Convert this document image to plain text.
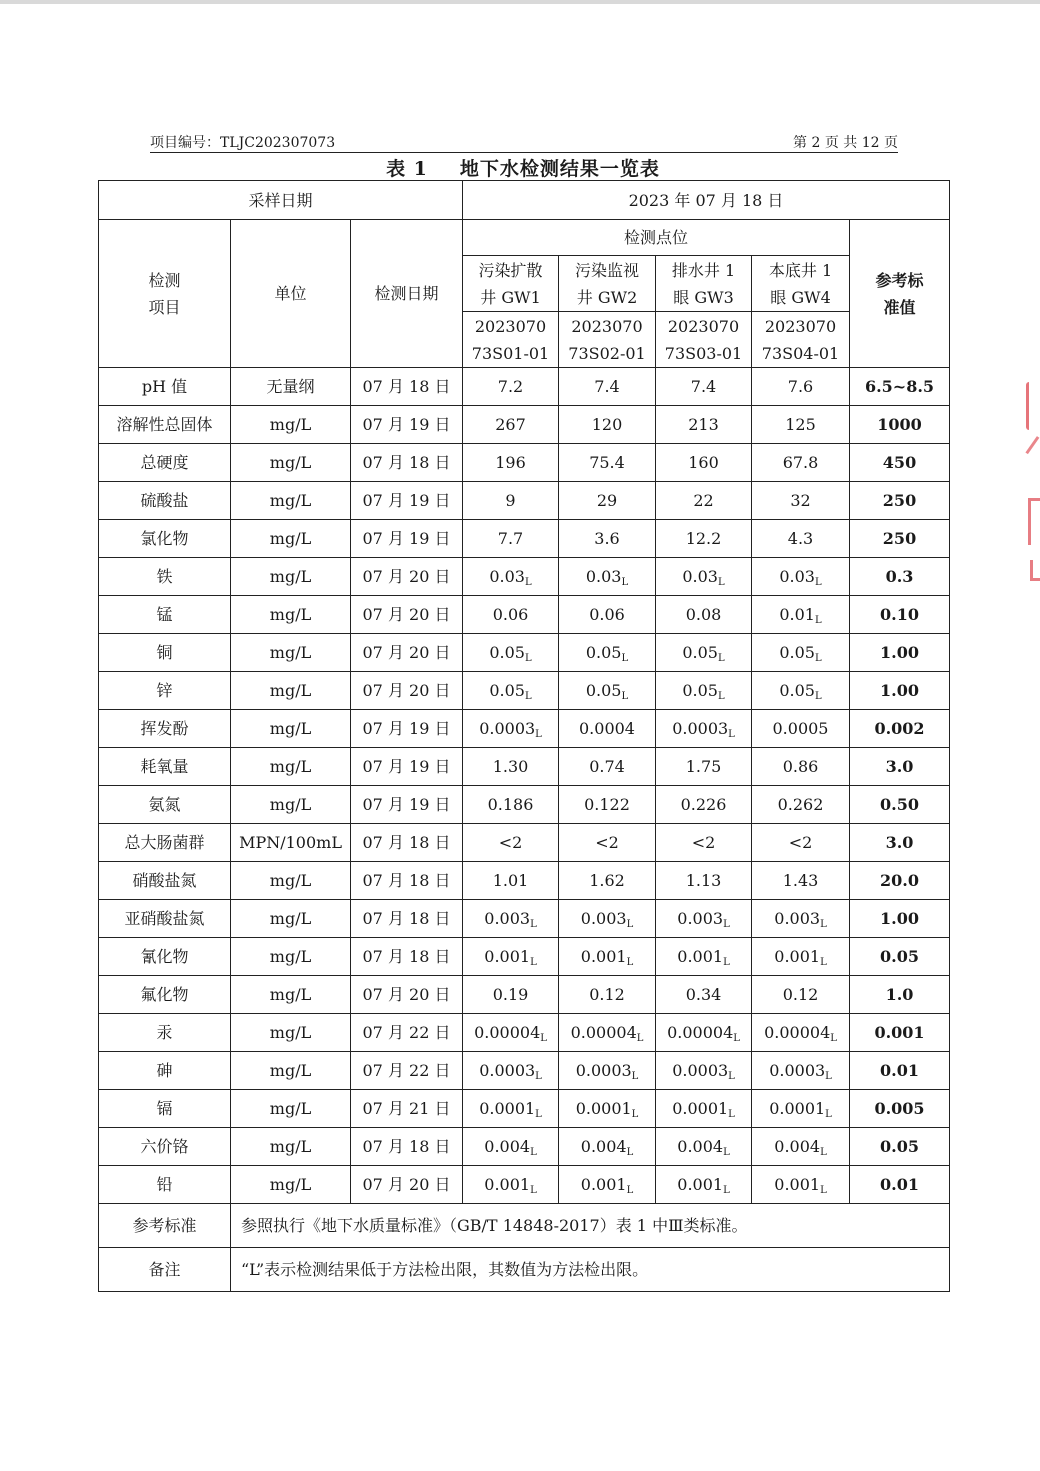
项目编号：TLJC202307073	第 2 页 共 12 页
表 1 地下水检测结果一览表
采样日期			2023 年 07 月 18 日				
检测项目	单位	检测日期	检测点位				参考标准值
			污染扩散井 GW1	污染监视井 GW2	排水井 1 眼 GW3	本底井 1 眼 GW4	
			202307073S01-01	202307073S02-01	202307073S03-01	202307073S04-01	
pH 值	无量纲	07 月 18 日	7.2	7.4	7.4	7.6	6.5~8.5
溶解性总固体	mg/L	07 月 19 日	267	120	213	125	1000
总硬度	mg/L	07 月 18 日	196	75.4	160	67.8	450
硫酸盐	mg/L	07 月 19 日	9	29	22	32	250
氯化物	mg/L	07 月 19 日	7.7	3.6	12.2	4.3	250
铁	mg/L	07 月 20 日	$0.03_L$	$0.03_L$	$0.03_L$	$0.03_L$	0.3
锰	mg/L	07 月 20 日	0.06	0.06	0.08	$0.01_L$	0.10
铜	mg/L	07 月 20 日	$0.05_L$	$0.05_L$	$0.05_L$	$0.05_L$	1.00
锌	mg/L	07 月 20 日	$0.05_L$	$0.05_L$	$0.05_L$	$0.05_L$	1.00
挥发酚	mg/L	07 月 19 日	$0.0003_L$	0.0004	$0.0003_L$	0.0005	0.002
耗氧量	mg/L	07 月 19 日	1.30	0.74	1.75	0.86	3.0
氨氮	mg/L	07 月 19 日	0.186	0.122	0.226	0.262	0.50
总大肠菌群	MPN/100mL	07 月 18 日	<2	<2	<2	<2	3.0
硝酸盐氮	mg/L	07 月 18 日	1.01	1.62	1.13	1.43	20.0
亚硝酸盐氮	mg/L	07 月 18 日	$0.003_L$	$0.003_L$	$0.003_L$	$0.003_L$	1.00
氰化物	mg/L	07 月 18 日	$0.001_L$	$0.001_L$	$0.001_L$	$0.001_L$	0.05
氟化物	mg/L	07 月 20 日	0.19	0.12	0.34	0.12	1.0
汞	mg/L	07 月 22 日	$0.00004_L$	$0.00004_L$	$0.00004_L$	$0.00004_L$	0.001
砷	mg/L	07 月 22 日	$0.0003_L$	$0.0003_L$	$0.0003_L$	$0.0003_L$	0.01
镉	mg/L	07 月 21 日	$0.0001_L$	$0.0001_L$	$0.0001_L$	$0.0001_L$	0.005
六价铬	mg/L	07 月 18 日	$0.004_L$	$0.004_L$	$0.004_L$	$0.004_L$	0.05
铅	mg/L	07 月 20 日	$0.001_L$	$0.001_L$	$0.001_L$	$0.001_L$	0.01
参考标准	参照执行《地下水质量标准》（GB/T 14848-2017）表 1 中Ⅲ类标准。						
备注	“L”表示检测结果低于方法检出限，其数值为方法检出限。						
